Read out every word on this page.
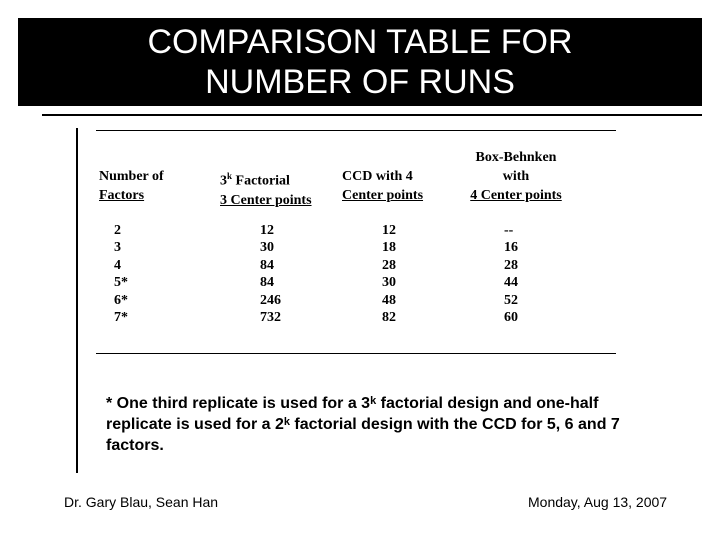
COMPARISON TABLE FOR NUMBER OF RUNS
Number of
Factors
3$^k$ Factorial
3 Center points
CCD with 4
Center points
Box-Behnken
with
4 Center points
2
3
4
5*
6*
7*
12
30
84
84
246
732
12
18
28
30
48
82
--
16
28
44
52
60
* One third replicate is used for a 3$^k$ factorial design and one-half replicate is used for a 2$^k$ factorial design with the CCD for 5, 6 and 7 factors.
Dr. Gary Blau, Sean Han	Monday, Aug 13, 2007
